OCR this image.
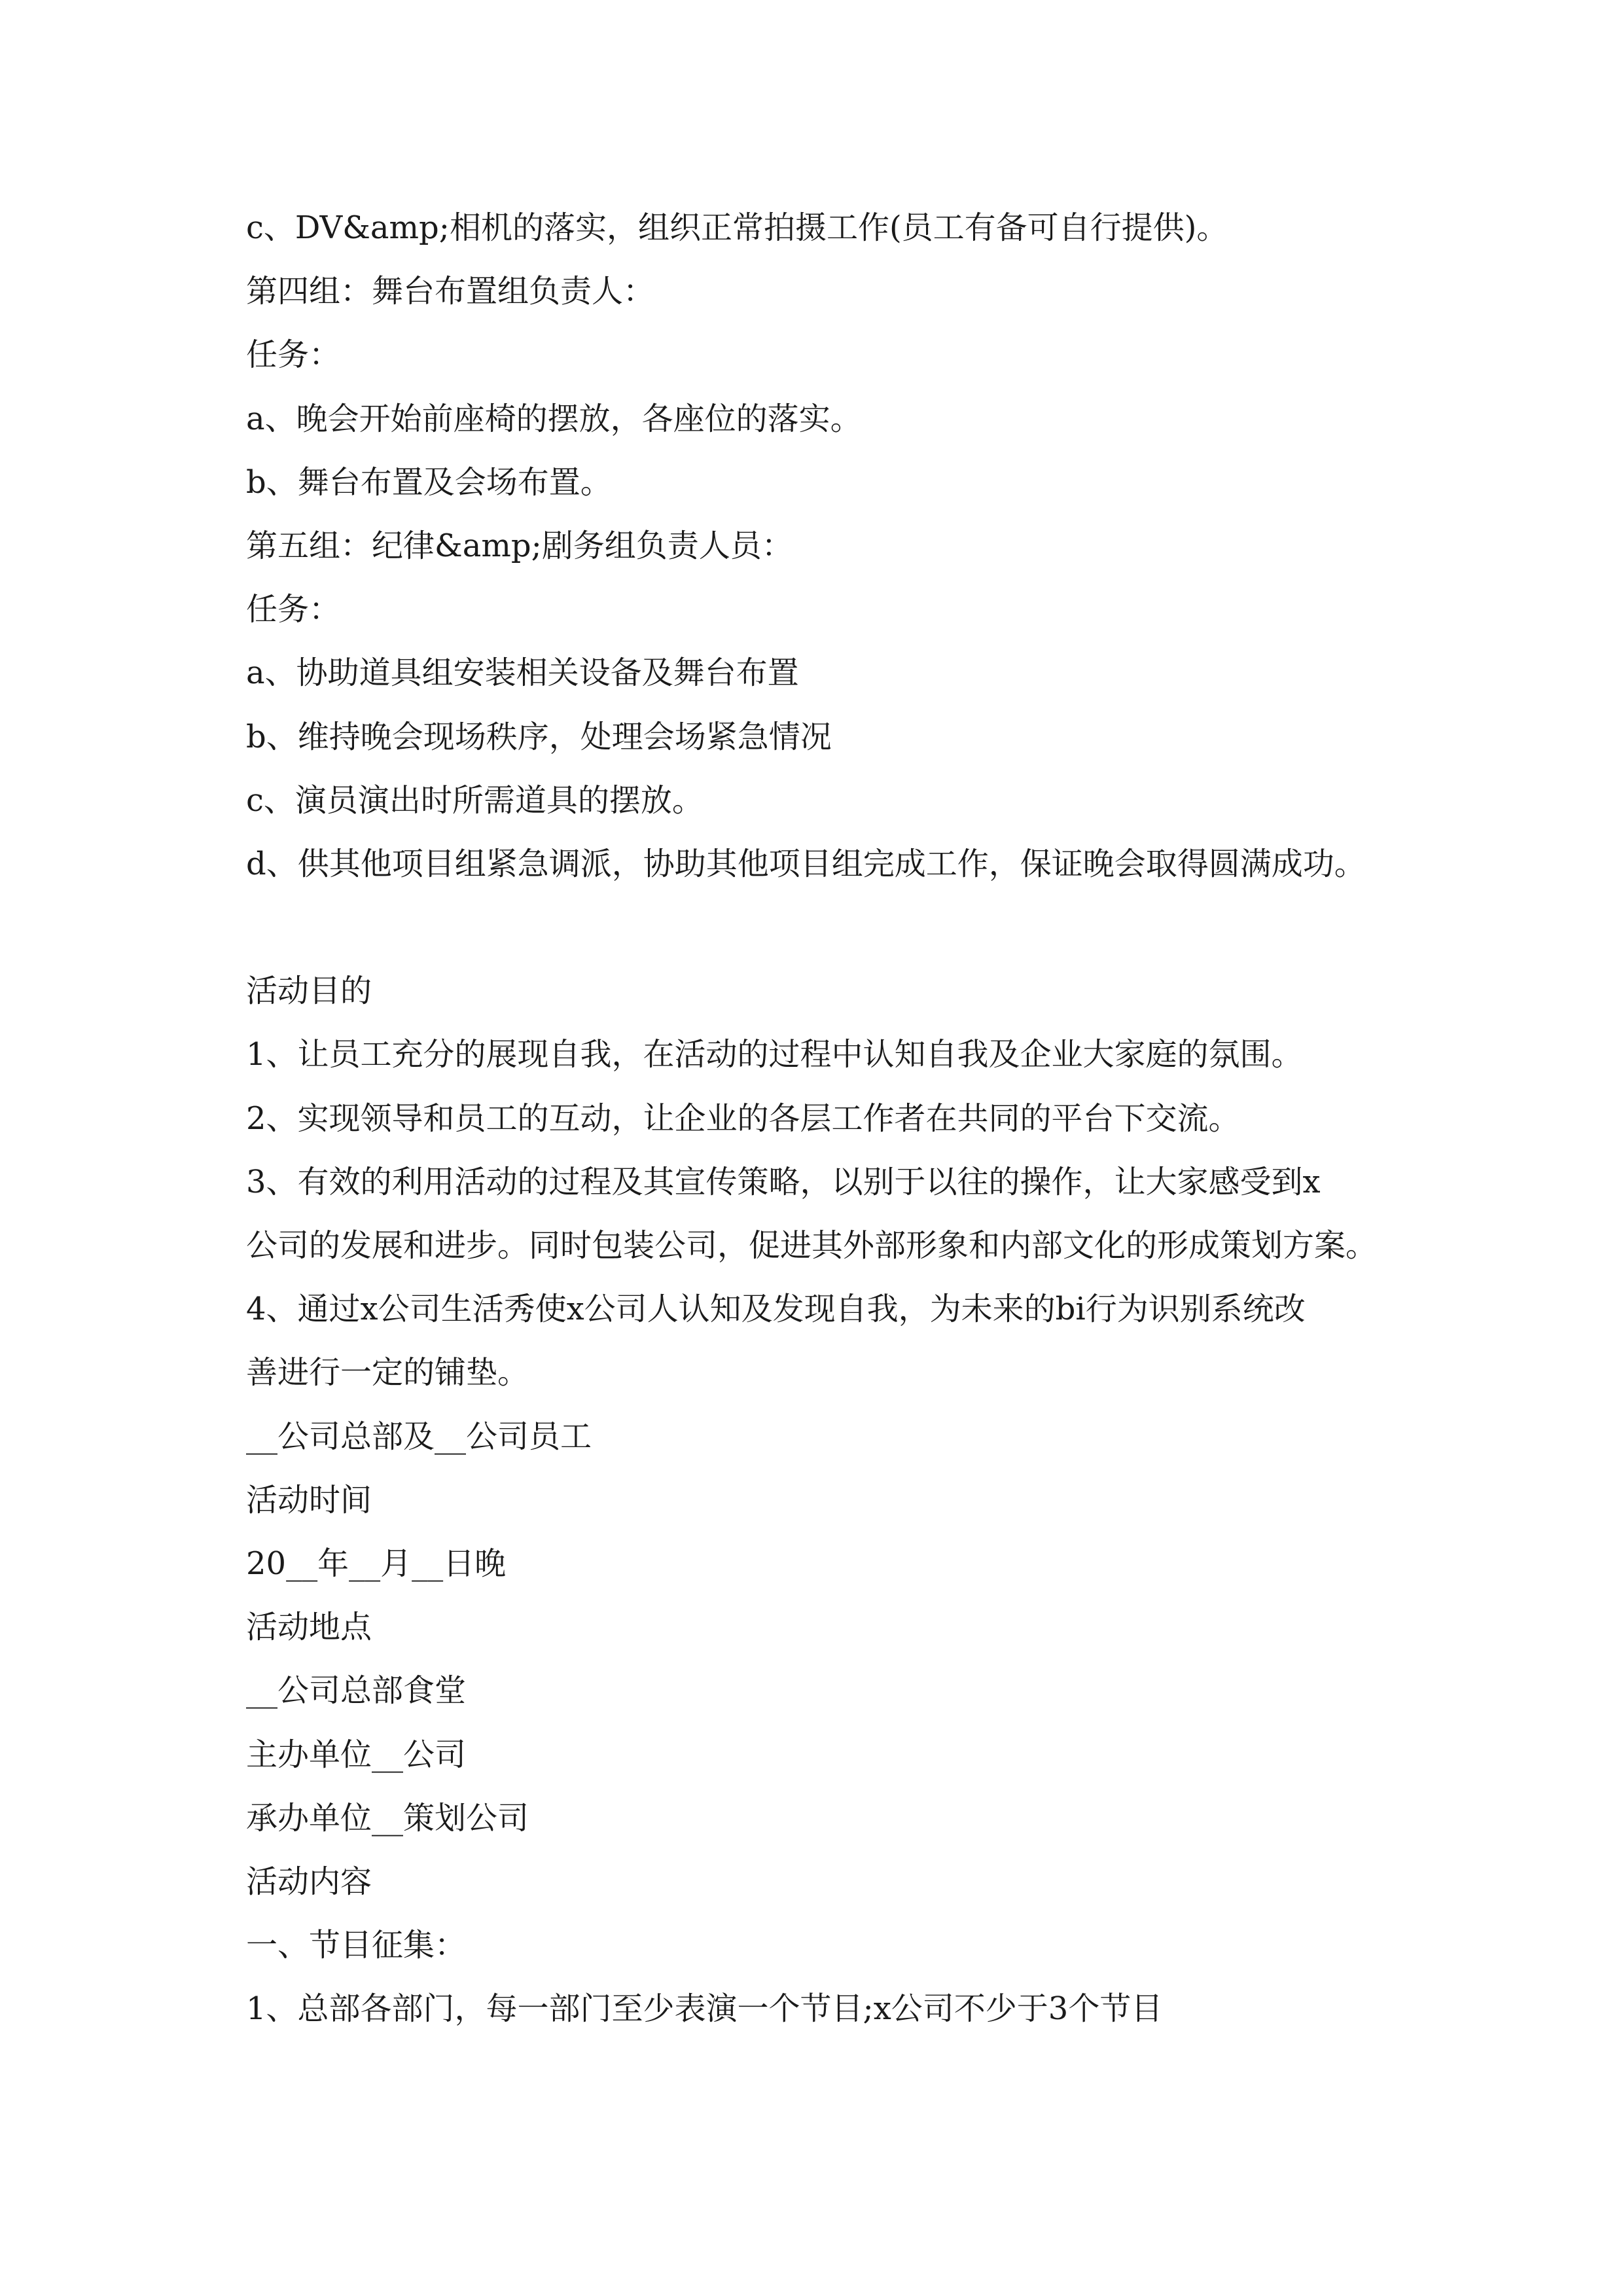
c、DV&amp;相机的落实，组织正常拍摄工作(员工有备可自行提供)。

第四组：舞台布置组负责人：

任务：

a、晚会开始前座椅的摆放，各座位的落实。

b、舞台布置及会场布置。

第五组：纪律&amp;剧务组负责人员：

任务：

a、协助道具组安装相关设备及舞台布置

b、维持晚会现场秩序，处理会场紧急情况

c、演员演出时所需道具的摆放。

d、供其他项目组紧急调派，协助其他项目组完成工作，保证晚会取得圆满成功。

活动目的

1、让员工充分的展现自我，在活动的过程中认知自我及企业大家庭的氛围。

2、实现领导和员工的互动，让企业的各层工作者在共同的平台下交流。

3、有效的利用活动的过程及其宣传策略，以别于以往的操作，让大家感受到x

公司的发展和进步。同时包装公司，促进其外部形象和内部文化的形成策划方案。

4、通过x公司生活秀使x公司人认知及发现自我，为未来的bi行为识别系统改

善进行一定的铺垫。

__公司总部及__公司员工

活动时间

20__年__月__日晚

活动地点

__公司总部食堂

主办单位__公司

承办单位__策划公司

活动内容

一、节目征集：

1、总部各部门，每一部门至少表演一个节目;x公司不少于3个节目
